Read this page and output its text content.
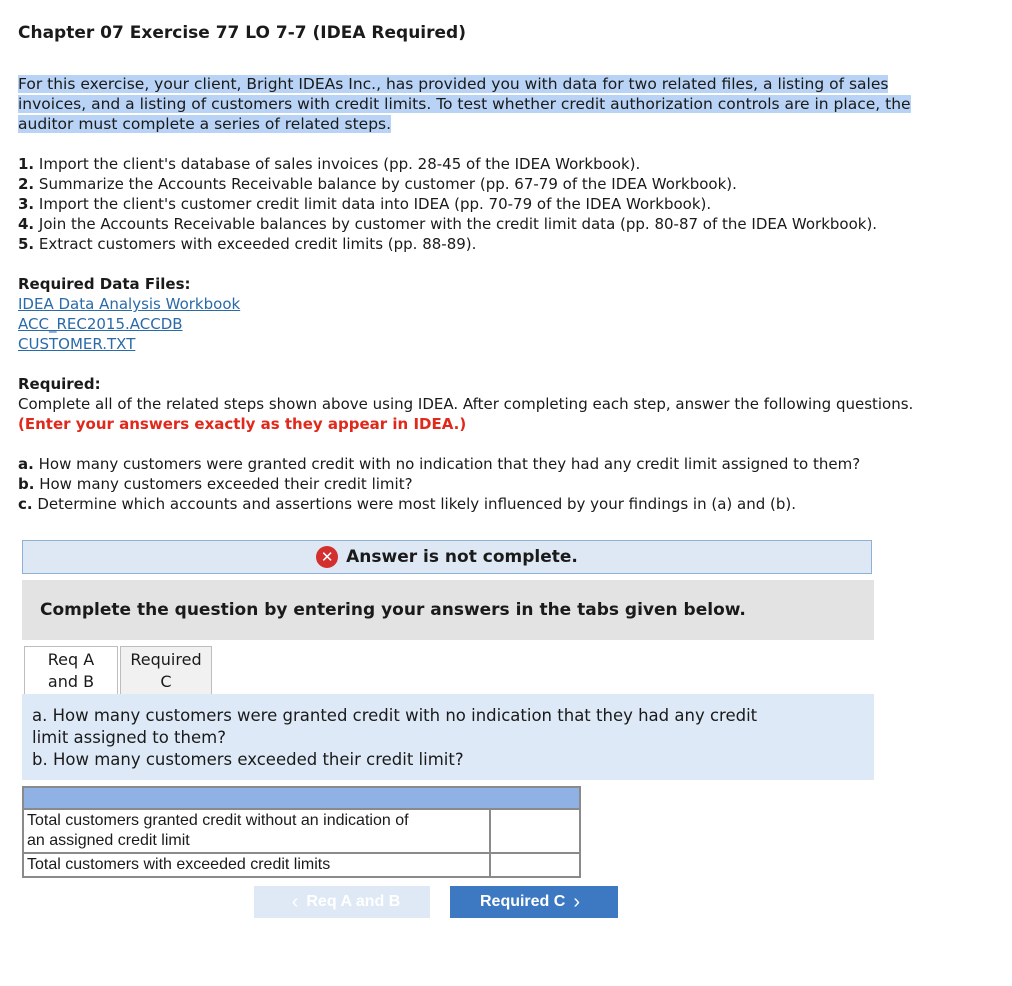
Chapter 07 Exercise 77 LO 7-7 (IDEA Required)
For this exercise, your client, Bright IDEAs Inc., has provided you with data for two related files, a listing of sales
invoices, and a listing of customers with credit limits. To test whether credit authorization controls are in place, the
auditor must complete a series of related steps.
1. Import the client's database of sales invoices (pp. 28-45 of the IDEA Workbook).
2. Summarize the Accounts Receivable balance by customer (pp. 67-79 of the IDEA Workbook).
3. Import the client's customer credit limit data into IDEA (pp. 70-79 of the IDEA Workbook).
4. Join the Accounts Receivable balances by customer with the credit limit data (pp. 80-87 of the IDEA Workbook).
5. Extract customers with exceeded credit limits (pp. 88-89).

Required Data Files:

IDEA Data Analysis Workbook
ACC_REC2015.ACCDB
CUSTOMER.TXT

Required:

Complete all of the related steps shown above using IDEA. After completing each step, answer the following questions.

(Enter your answers exactly as they appear in IDEA.)

a. How many customers were granted credit with no indication that they had any credit limit assigned to them?
b. How many customers exceeded their credit limit?
c. Determine which accounts and assertions were most likely influenced by your findings in (a) and (b).
✕ Answer is not complete.
Complete the question by entering your answers in the tabs given below.
Req A
and B
Required
C

a. How many customers were granted credit with no indication that they had any credit

limit assigned to them?

b. How many customers exceeded their credit limit?

Total customers granted credit without an indication of
an assigned credit limit	
Total customers with exceeded credit limits	
‹ Req A and B	Required C ›
